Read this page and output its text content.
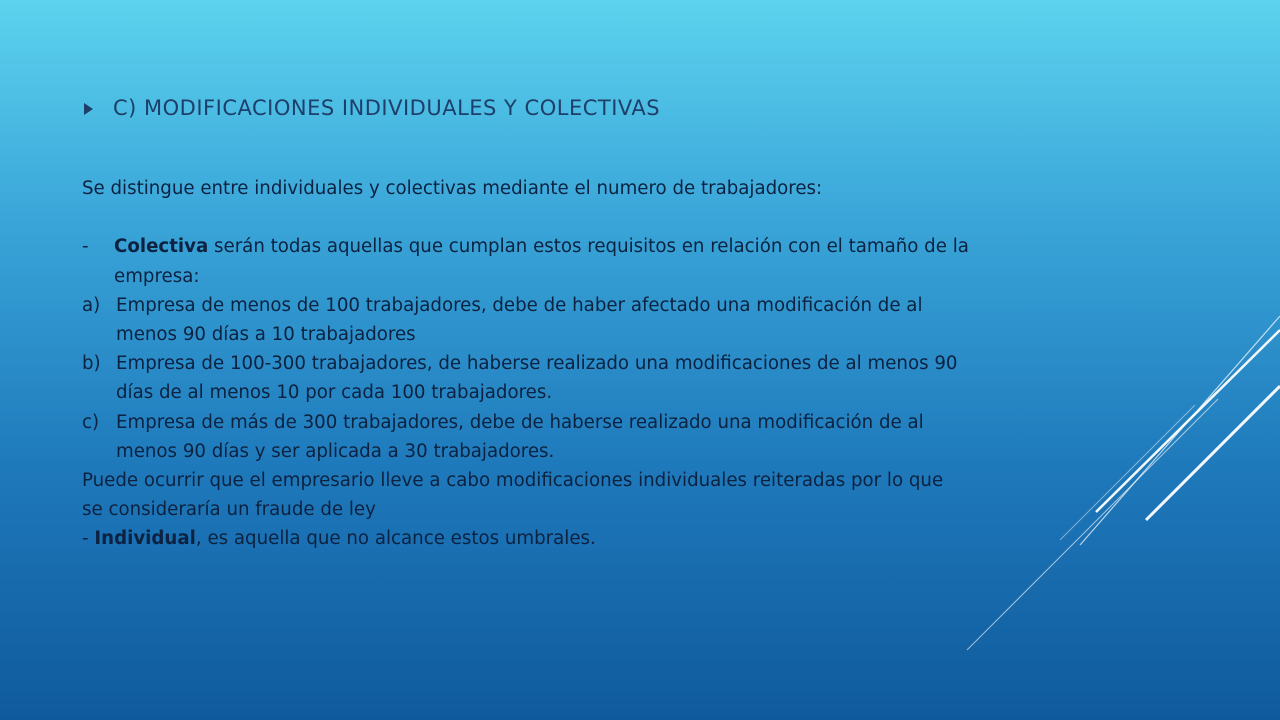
C) MODIFICACIONES INDIVIDUALES Y COLECTIVAS

Se distingue entre individuales y colectivas mediante el numero de trabajadores:

-	Colectiva serán todas aquellas que cumplan estos requisitos en relación con el tamaño de la
empresa:
a) Empresa de menos de 100 trabajadores, debe de haber afectado una modificación de al
menos 90 días a 10 trabajadores
b) Empresa de 100-300 trabajadores, de haberse realizado una modificaciones de al menos 90
días de al menos 10 por cada 100 trabajadores.
c) Empresa de más de 300 trabajadores, debe de haberse realizado una modificación de al
menos 90 días y ser aplicada a 30 trabajadores.

Puede ocurrir que el empresario lleve a cabo modificaciones individuales reiteradas por lo que

se consideraría un fraude de ley

- Individual, es aquella que no alcance estos umbrales.
